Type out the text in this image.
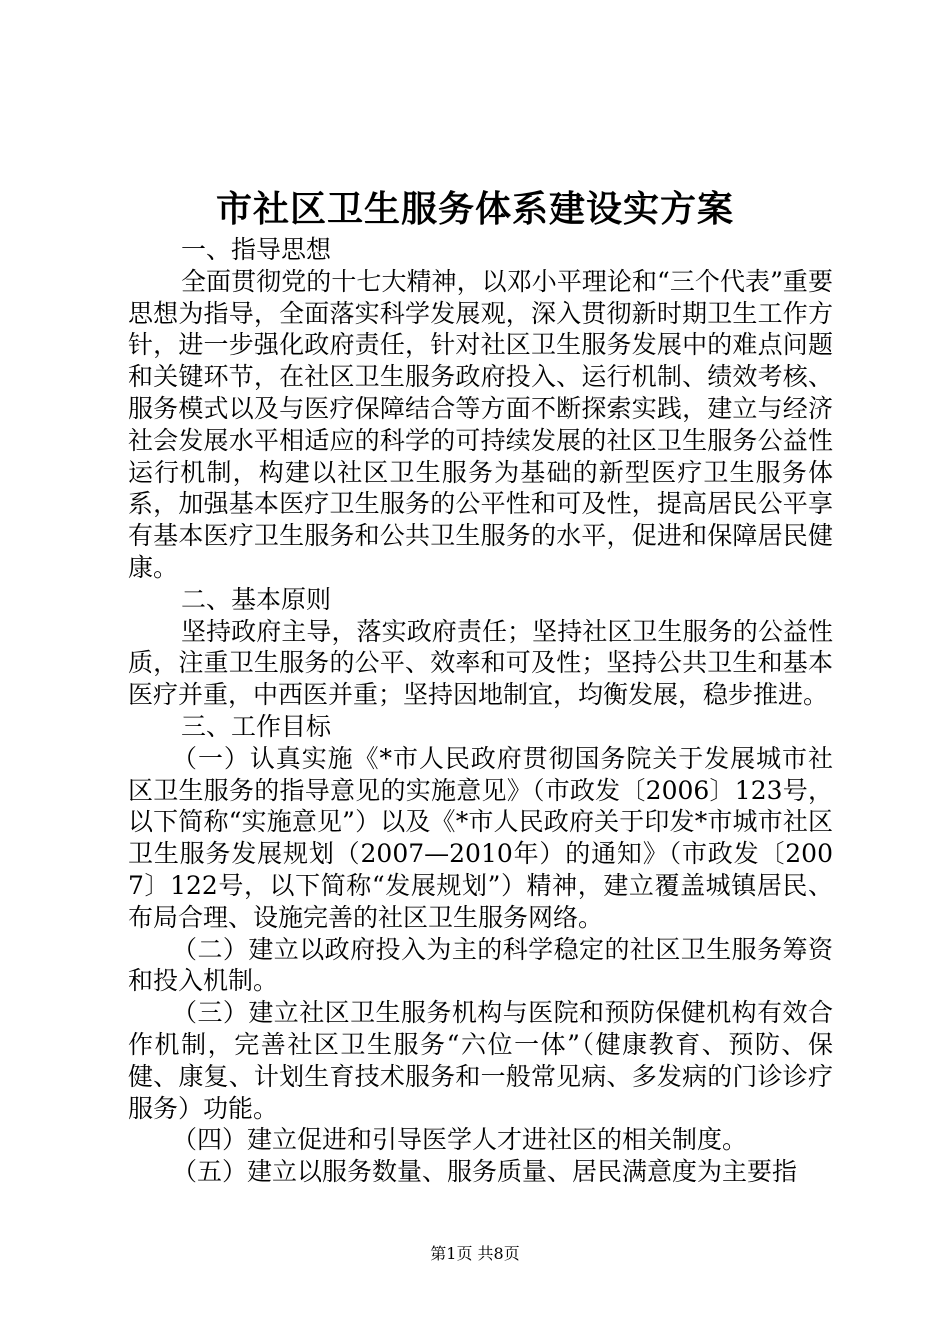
市社区卫生服务体系建设实方案

一、指导思想

全面贯彻党的十七大精神，以邓小平理论和“三个代表”重要思想为指导，全面落实科学发展观，深入贯彻新时期卫生工作方针，进一步强化政府责任，针对社区卫生服务发展中的难点问题和关键环节，在社区卫生服务政府投入、运行机制、绩效考核、服务模式以及与医疗保障结合等方面不断探索实践，建立与经济社会发展水平相适应的科学的可持续发展的社区卫生服务公益性运行机制，构建以社区卫生服务为基础的新型医疗卫生服务体系，加强基本医疗卫生服务的公平性和可及性，提高居民公平享有基本医疗卫生服务和公共卫生服务的水平，促进和保障居民健康。

二、基本原则

坚持政府主导，落实政府责任；坚持社区卫生服务的公益性质，注重卫生服务的公平、效率和可及性；坚持公共卫生和基本医疗并重，中西医并重；坚持因地制宜，均衡发展，稳步推进。

三、工作目标

（一）认真实施《*市人民政府贯彻国务院关于发展城市社区卫生服务的指导意见的实施意见》（市政发〔2006〕123号，以下简称“实施意见”）以及《*市人民政府关于印发*市城市社区卫生服务发展规划（2007—2010年）的通知》（市政发〔2007〕122号，以下简称“发展规划”）精神，建立覆盖城镇居民、布局合理、设施完善的社区卫生服务网络。

（二）建立以政府投入为主的科学稳定的社区卫生服务筹资和投入机制。

（三）建立社区卫生服务机构与医院和预防保健机构有效合作机制，完善社区卫生服务“六位一体”（健康教育、预防、保健、康复、计划生育技术服务和一般常见病、多发病的门诊诊疗服务）功能。

（四）建立促进和引导医学人才进社区的相关制度。

（五）建立以服务数量、服务质量、居民满意度为主要指

第1页 共8页
